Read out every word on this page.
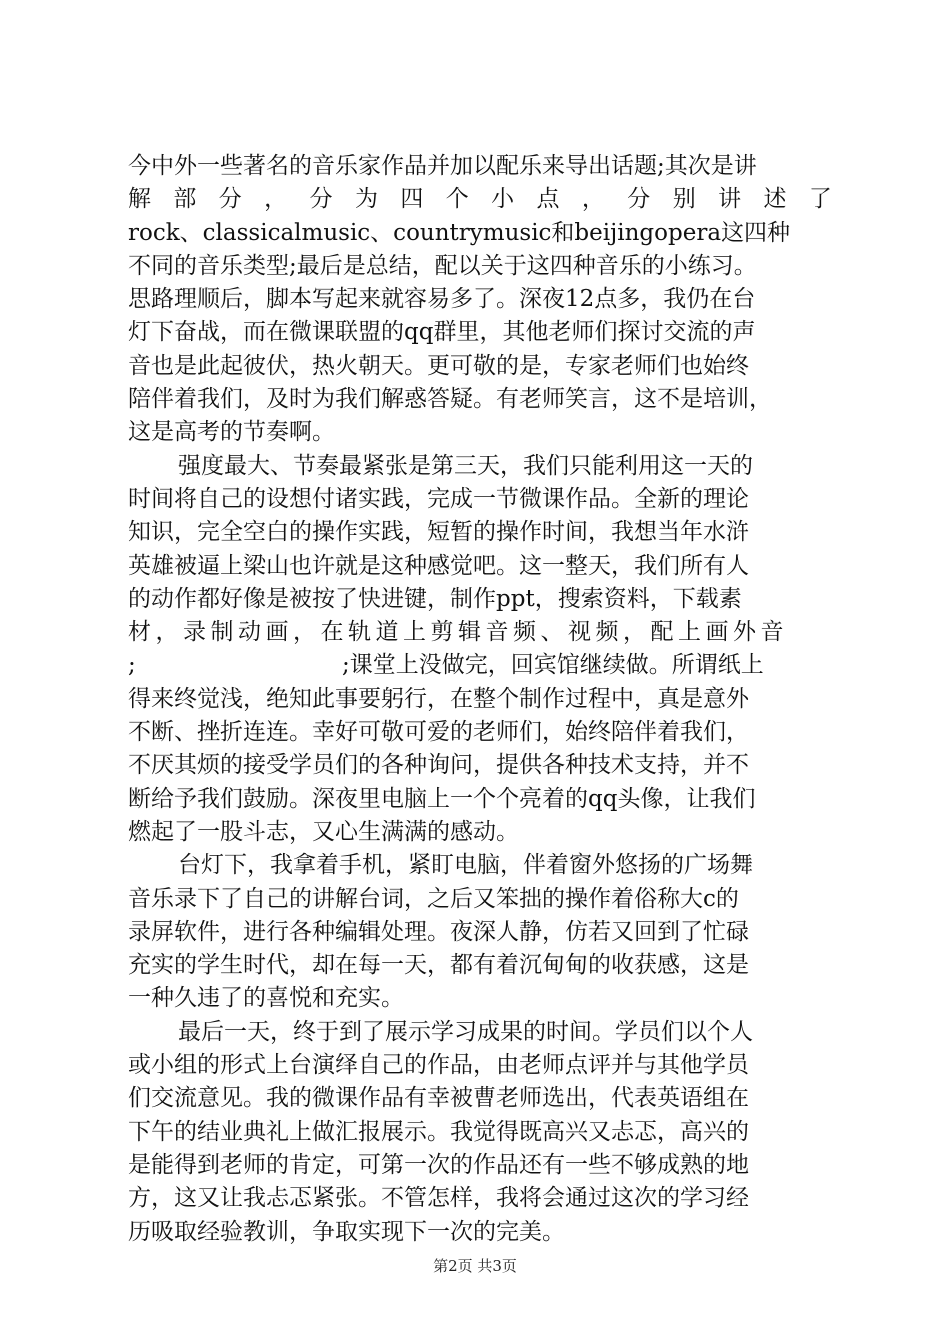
今中外一些著名的音乐家作品并加以配乐来导出话题;其次是讲
解 部 分 ， 分 为 四 个 小 点 ， 分 别 讲 述 了
rock、classicalmusic、countrymusic和beijingopera这四种
不同的音乐类型;最后是总结，配以关于这四种音乐的小练习。
思路理顺后，脚本写起来就容易多了。深夜12点多，我仍在台
灯下奋战，而在微课联盟的qq群里，其他老师们探讨交流的声
音也是此起彼伏，热火朝天。更可敬的是，专家老师们也始终
陪伴着我们，及时为我们解惑答疑。有老师笑言，这不是培训，
这是高考的节奏啊。
强度最大、节奏最紧张是第三天，我们只能利用这一天的
时间将自己的设想付诸实践，完成一节微课作品。全新的理论
知识，完全空白的操作实践，短暂的操作时间，我想当年水浒
英雄被逼上梁山也许就是这种感觉吧。这一整天，我们所有人
的动作都好像是被按了快进键，制作ppt，搜索资料，下载素
材，录制动画，在轨道上剪辑音频、视频，配上画外音
;	;课堂上没做完，回宾馆继续做。所谓纸上
得来终觉浅，绝知此事要躬行，在整个制作过程中，真是意外
不断、挫折连连。幸好可敬可爱的老师们，始终陪伴着我们，
不厌其烦的接受学员们的各种询问，提供各种技术支持，并不
断给予我们鼓励。深夜里电脑上一个个亮着的qq头像，让我们
燃起了一股斗志，又心生满满的感动。
台灯下，我拿着手机，紧盯电脑，伴着窗外悠扬的广场舞
音乐录下了自己的讲解台词，之后又笨拙的操作着俗称大c的
录屏软件，进行各种编辑处理。夜深人静，仿若又回到了忙碌
充实的学生时代，却在每一天，都有着沉甸甸的收获感，这是
一种久违了的喜悦和充实。
最后一天，终于到了展示学习成果的时间。学员们以个人
或小组的形式上台演绎自己的作品，由老师点评并与其他学员
们交流意见。我的微课作品有幸被曹老师选出，代表英语组在
下午的结业典礼上做汇报展示。我觉得既高兴又忐忑，高兴的
是能得到老师的肯定，可第一次的作品还有一些不够成熟的地
方，这又让我忐忑紧张。不管怎样，我将会通过这次的学习经
历吸取经验教训，争取实现下一次的完美。
第2页 共3页
